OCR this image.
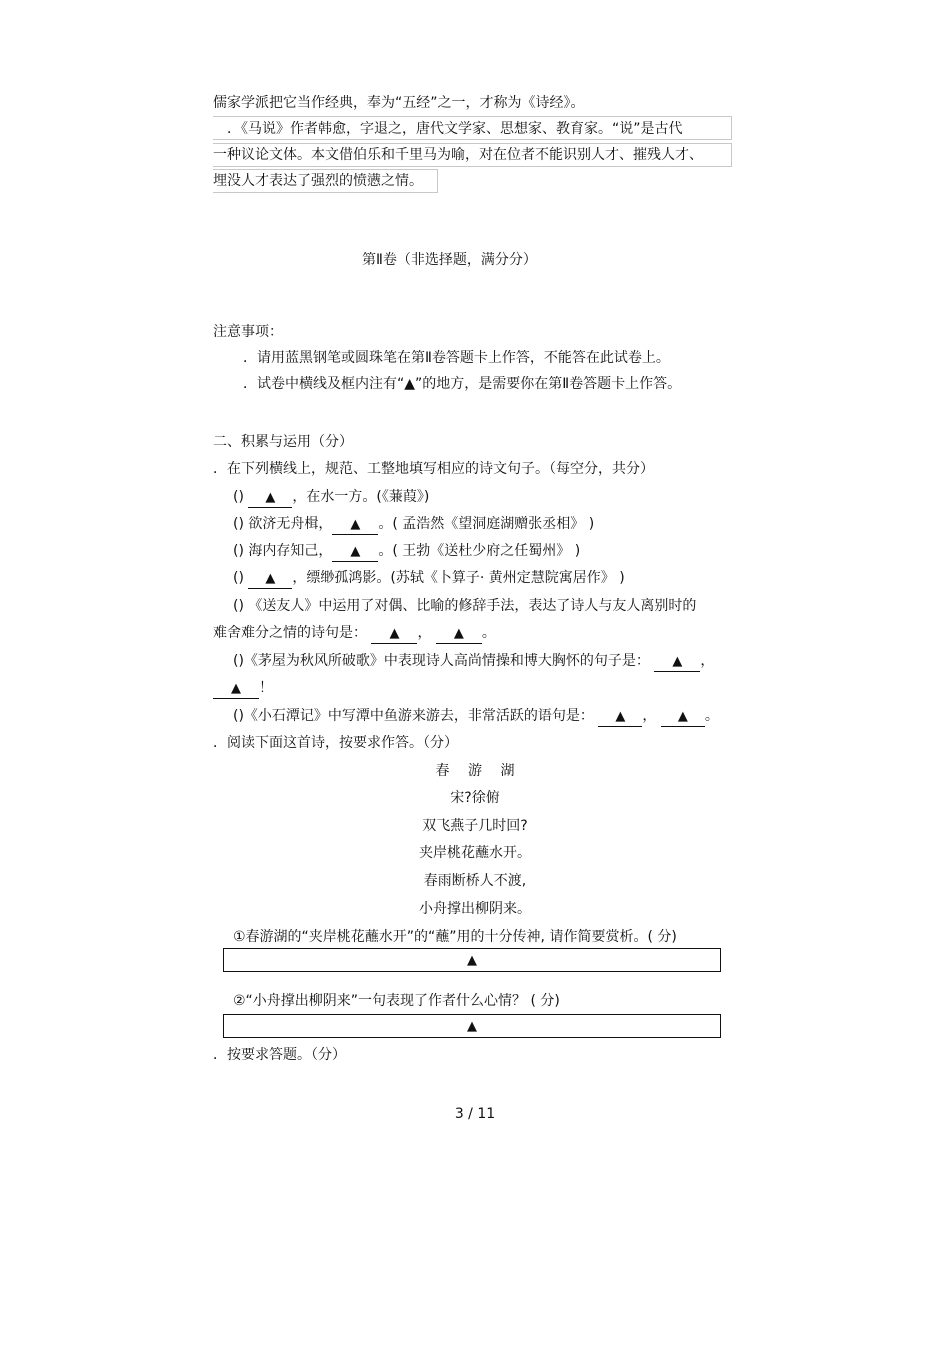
儒家学派把它当作经典，奉为“五经”之一，才称为《诗经》。
．《马说》作者韩愈，字退之，唐代文学家、思想家、教育家。“说”是古代
一种议论文体。本文借伯乐和千里马为喻，对在位者不能识别人才、摧残人才、
埋没人才表达了强烈的愤懑之情。
第Ⅱ卷（非选择题，满分分）
注意事项：
．请用蓝黑钢笔或圆珠笔在第Ⅱ卷答题卡上作答，不能答在此试卷上。
．试卷中横线及框内注有“▲”的地方，是需要你在第Ⅱ卷答题卡上作答。
二、积累与运用（分）
．在下列横线上，规范、工整地填写相应的诗文句子。（每空分，共分）
() ▲ ，在水一方。(《蒹葭》)
() 欲济无舟楫， ▲ 。( 孟浩然《望洞庭湖赠张丞相》 )
() 海内存知己， ▲ 。( 王勃《送杜少府之任蜀州》 )
() ▲ ，缥缈孤鸿影。(苏轼《卜算子· 黄州定慧院寓居作》 )
() 《送友人》中运用了对偶、比喻的修辞手法，表达了诗人与友人离别时的
难舍难分之情的诗句是： ▲ ， ▲ 。
()《茅屋为秋风所破歌》中表现诗人高尚情操和博大胸怀的句子是： ▲ ，
▲ ！
()《小石潭记》中写潭中鱼游来游去，非常活跃的语句是： ▲ ， ▲ 。
．阅读下面这首诗，按要求作答。（分）
春　 游　 湖
宋?徐俯
双飞燕子几时回?
夹岸桃花蘸水开。
春雨断桥人不渡,
小舟撑出柳阴来。
①春游湖的“夹岸桃花蘸水开”的“蘸”用的十分传神, 请作简要赏析。( 分)
▲
②“小舟撑出柳阴来”一句表现了作者什么心情？ ( 分)
▲
．按要求答题。（分）
3 / 11
